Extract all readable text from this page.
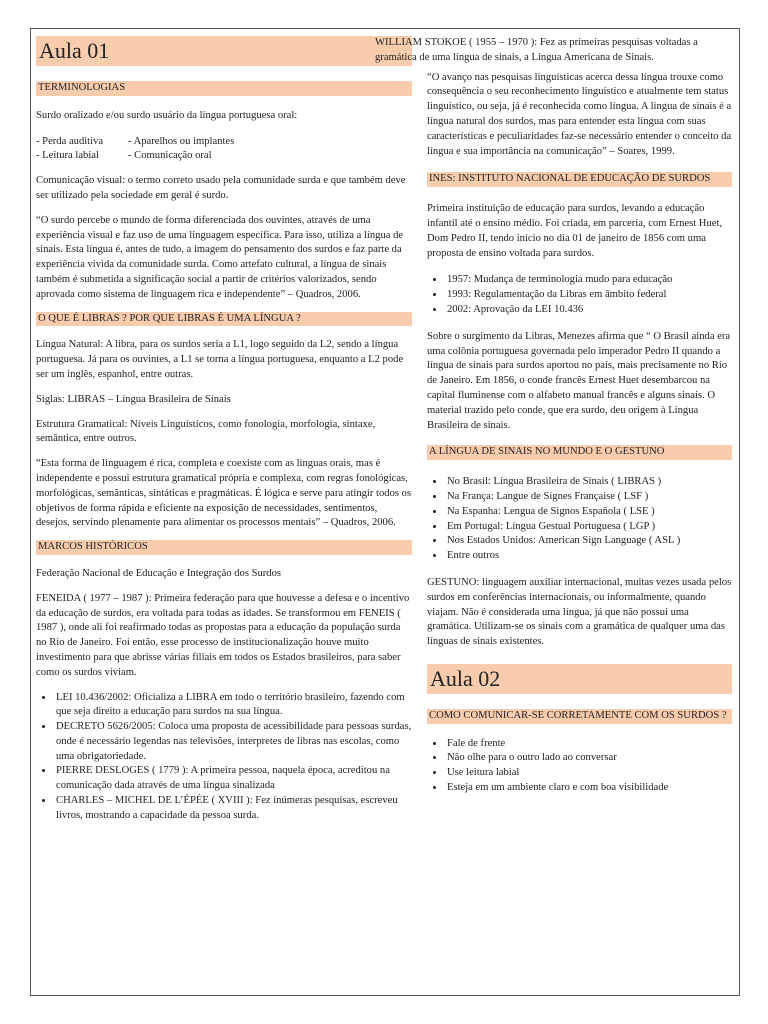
Aula 01
TERMINOLOGIAS

Surdo oralizado e/ou surdo usuário da língua portuguesa oral:

- Perda auditiva - Aparelhos ou implantes

- Leitura labial	- Comunicação oral

Comunicação visual: o termo correto usado pela comunidade surda e que também deve ser utilizado pela sociedade em geral é surdo.

“O surdo percebe o mundo de forma diferenciada dos ouvintes, através de uma experiência visual e faz uso de uma linguagem específica. Para isso, utiliza a língua de sinais. Esta língua é, antes de tudo, a imagem do pensamento dos surdos e faz parte da experiência vivida da comunidade surda. Como artefato cultural, a língua de sinais também é submetida a significação social a partir de critérios valorizados, sendo aprovada como sistema de linguagem rica e independente” – Quadros, 2006.

O QUE É LIBRAS ? POR QUE LIBRAS É UMA LÍNGUA ?

Língua Natural: A libra, para os surdos seria a L1, logo seguido da L2, sendo a língua portuguesa. Já para os ouvintes, a L1 se torna a língua portuguesa, enquanto a L2 pode ser um inglês, espanhol, entre outras.

Siglas: LIBRAS – Língua Brasileira de Sinais

Estrutura Gramatical: Níveis Linguísticos, como fonologia, morfologia, sintaxe, semântica, entre outros.

“Esta forma de linguagem é rica, completa e coexiste com as línguas orais, mas é independente e possui estrutura gramatical própria e complexa, com regras fonológicas, morfológicas, semânticas, sintáticas e pragmáticas. É lógica e serve para atingir todos os objetivos de forma rápida e eficiente na exposição de necessidades, sentimentos, desejos, servindo plenamente para alimentar os processos mentais” – Quadros, 2006.

MARCOS HISTÓRICOS

Federação Nacional de Educação e Integração dos Surdos

FENEIDA ( 1977 – 1987 ): Primeira federação para que houvesse a defesa e o incentivo da educação de surdos, era voltada para todas as idades. Se transformou em FENEIS ( 1987 ), onde ali foi reafirmado todas as propostas para a educação da população surda no Rio de Janeiro. Foi então, esse processo de institucionalização houve muito investimento para que abrisse várias filiais em todos os Estados brasileiros, para saber como os surdos viviam.

• LEI 10.436/2002: Oficializa a LIBRA em todo o território brasileiro, fazendo com que seja direito a educação para surdos na sua língua.
• DECRETO 5626/2005: Coloca uma proposta de acessibilidade para pessoas surdas, onde é necessário legendas nas televisões, interpretes de libras nas escolas, como uma obrigatoriedade.
• PIERRE DESLOGES ( 1779 ): A primeira pessoa, naquela época, acreditou na comunicação dada através de uma língua sinalizada
• CHARLES – MICHEL DE L’ÉPÉE ( XVIII ): Fez inúmeras pesquisas, escreveu livros, mostrando a capacidade da pessoa surda.

WILLIAM STOKOE ( 1955 – 1970 ): Fez as primeiras pesquisas voltadas a gramática de uma língua de sinais, a Língua Americana de Sinais.

“O avanço nas pesquisas linguísticas acerca dessa língua trouxe como consequência o seu reconhecimento linguístico e atualmente tem status linguístico, ou seja, já é reconhecida como língua. A língua de sinais é a língua natural dos surdos, mas para entender esta língua com suas características e peculiaridades faz-se necessário entender o conceito da língua e sua importância na comunicação” – Soares, 1999.

INES: INSTITUTO NACIONAL DE EDUCAÇÃO DE SURDOS

Primeira instituição de educação para surdos, levando a educação infantil até o ensino médio. Foi criada, em parceria, com Ernest Huet, Dom Pedro II, tendo início no dia 01 de janeiro de 1856 com uma proposta de ensino voltada para surdos.

• 1957: Mudança de terminologia mudo para educação
• 1993: Regulamentação da Libras em âmbito federal
• 2002: Aprovação da LEI 10.436

Sobre o surgimento da Libras, Menezes afirma que “ O Brasil ainda era uma colônia portuguesa governada pelo imperador Pedro II quando a língua de sinais para surdos aportou no país, mais precisamente no Rio de Janeiro. Em 1856, o conde francês Ernest Huet desembarcou na capital fluminense com o alfabeto manual francês e alguns sinais. O material trazido pelo conde, que era surdo, deu origem à Língua Brasileira de sinais.

A LÍNGUA DE SINAIS NO MUNDO E O GESTUNO
• No Brasil: Língua Brasileira de Sinais ( LIBRAS )
• Na França: Langue de Signes Française ( LSF )
• Na Espanha: Lengua de Signos Española ( LSE )
• Em Portugal: Língua Gestual Portuguesa ( LGP )
• Nos Estados Unidos: American Sign Language ( ASL )
• Entre outros

GESTUNO: linguagem auxiliar internacional, muitas vezes usada pelos surdos em conferências internacionais, ou informalmente, quando viajam. Não é considerada uma língua, já que não possui uma gramática. Utilizam-se os sinais com a gramática de qualquer uma das línguas de sinais existentes.

Aula 02
COMO COMUNICAR-SE CORRETAMENTE COM OS SURDOS ?
• Fale de frente
• Não olhe para o outro lado ao conversar
• Use leitura labial
• Esteja em um ambiente claro e com boa visibilidade
